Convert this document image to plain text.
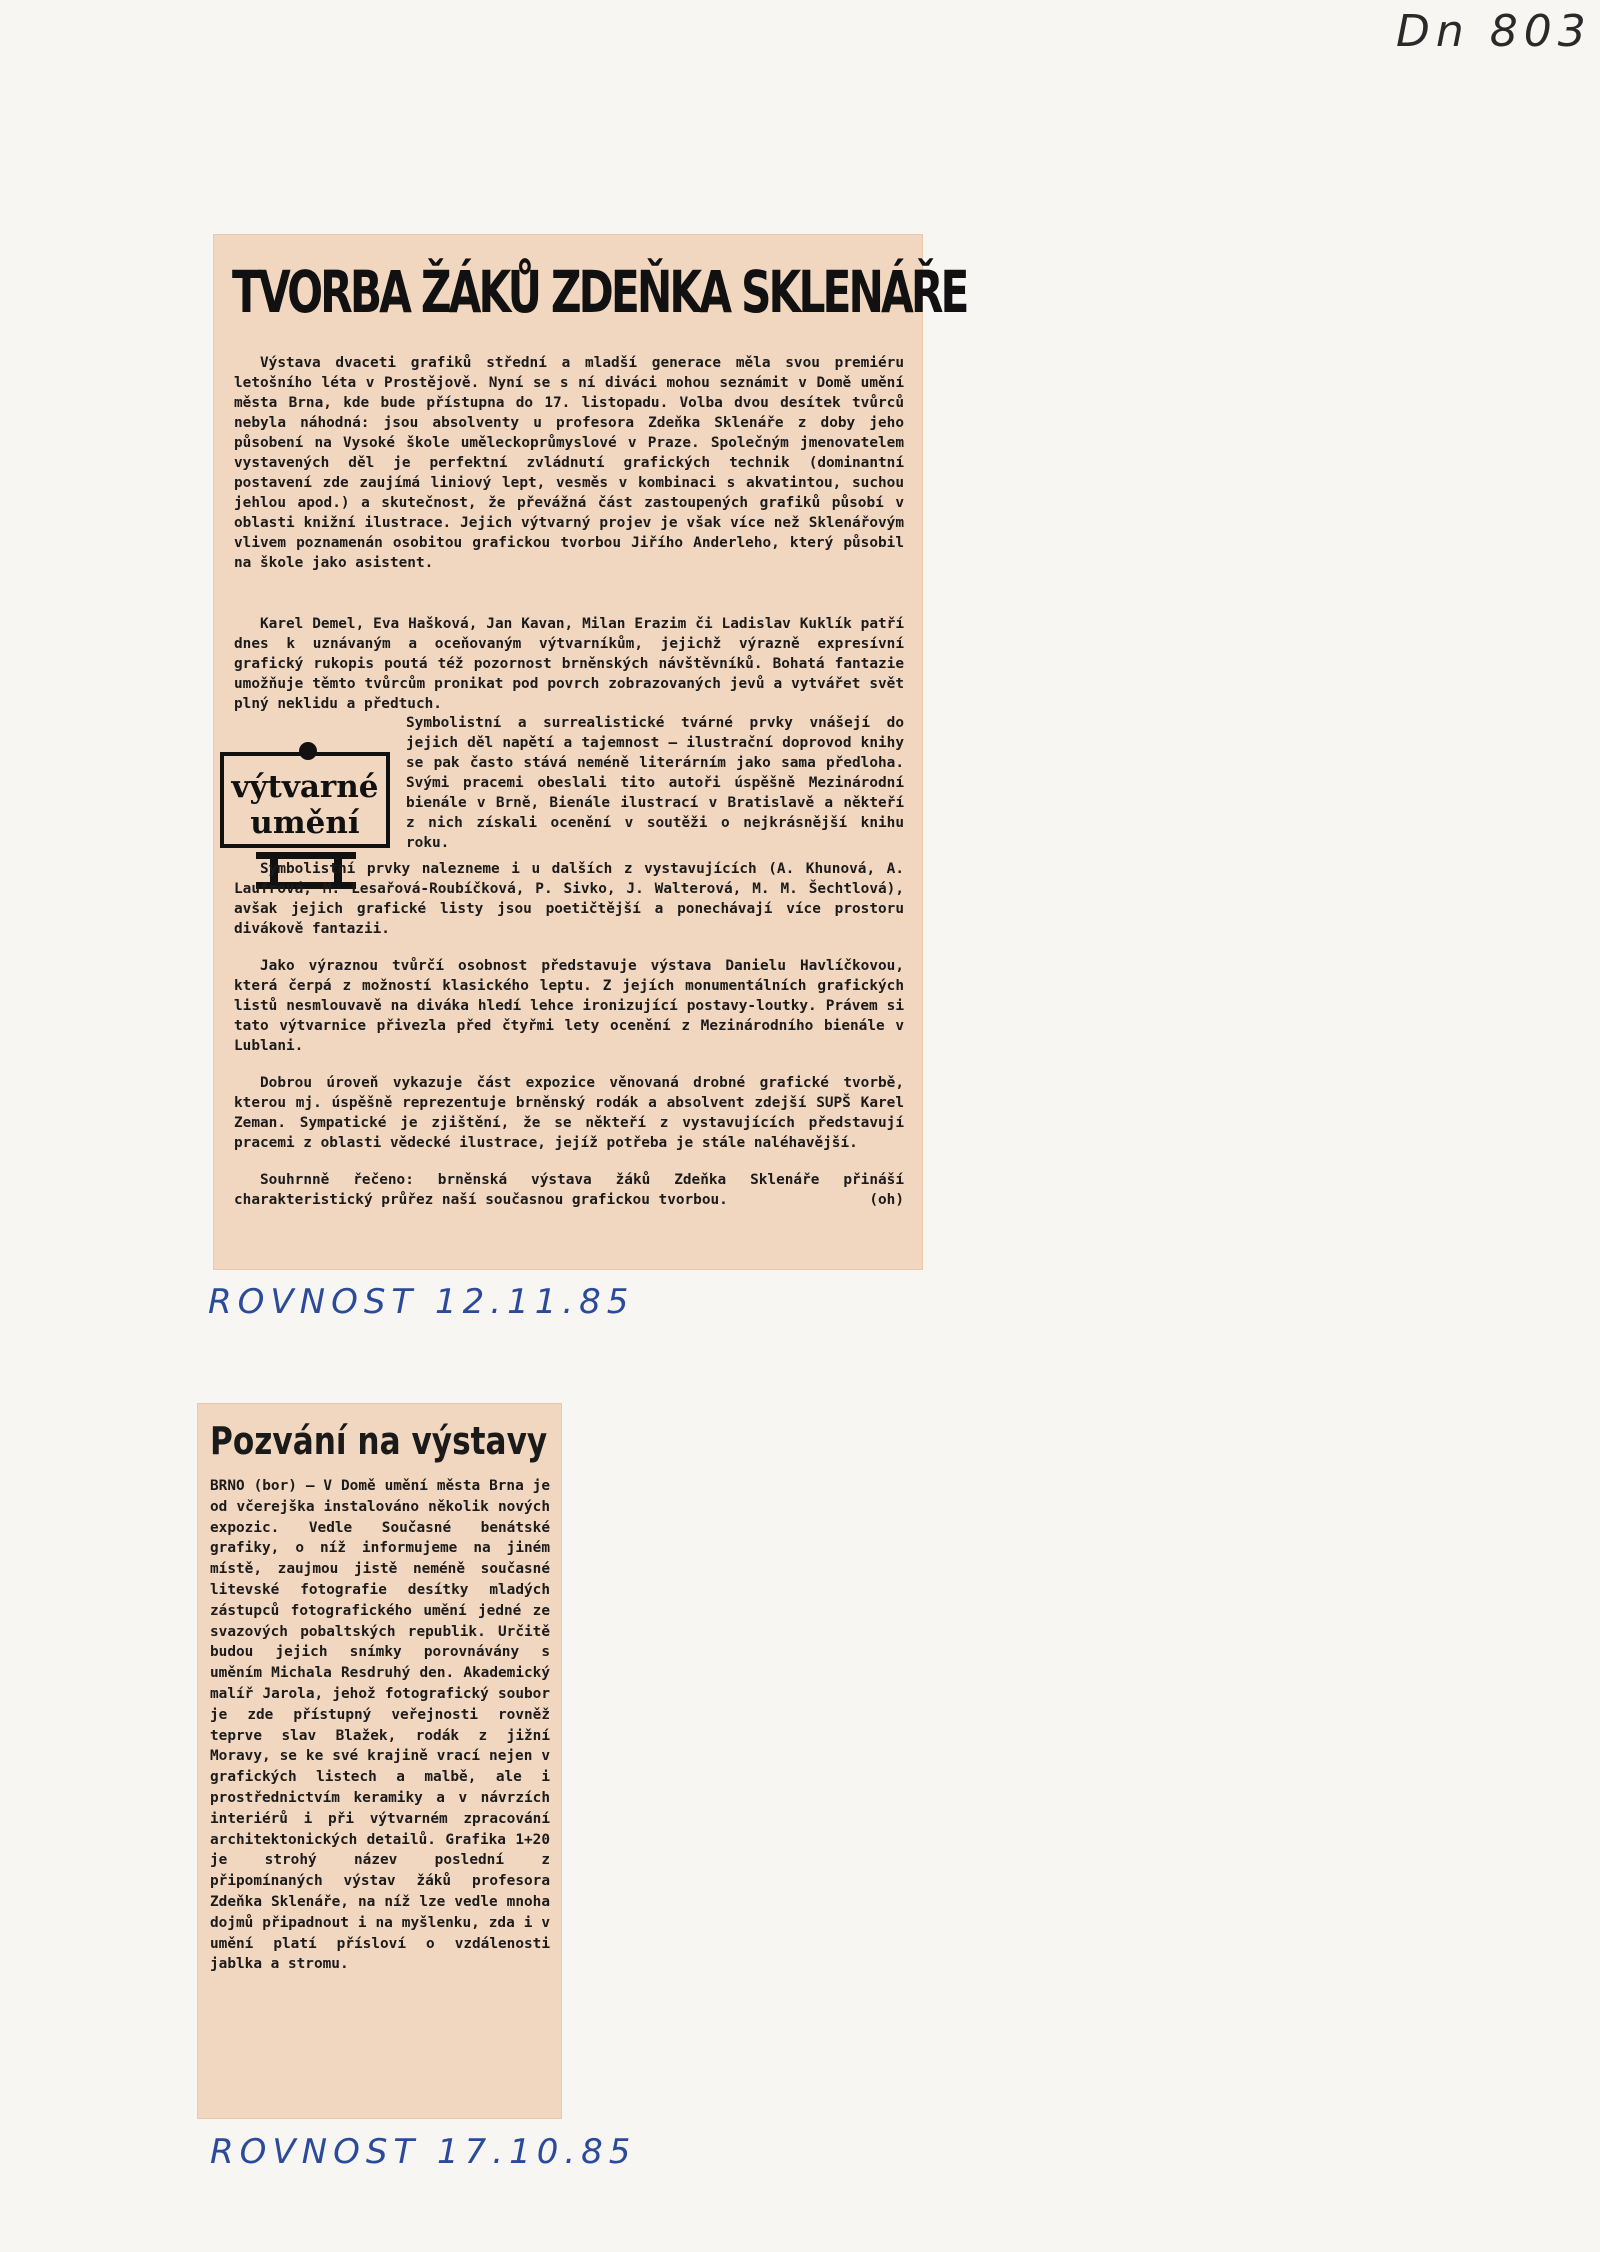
Dn 803
TVORBA ŽÁKŮ ZDEŇKA SKLENÁŘE

Výstava dvaceti grafiků střední a mladší generace měla svou premiéru letošního léta v Prostějově. Nyní se s ní diváci mohou seznámit v Domě umění města Brna, kde bude přístupna do 17. listopadu. Volba dvou desítek tvůrců nebyla náhodná: jsou absolventy u profesora Zdeňka Sklenáře z doby jeho působení na Vysoké škole uměleckoprůmyslové v Praze. Společným jmenovatelem vystavených děl je perfektní zvládnutí grafických technik (dominantní postavení zde zaujímá liniový lept, vesměs v kombinaci s akvatintou, suchou jehlou apod.) a skutečnost, že převážná část zastoupených grafiků působí v oblasti knižní ilustrace. Jejich výtvarný projev je však více než Sklenářovým vlivem poznamenán osobitou grafickou tvorbou Jiřího Anderleho, který působil na škole jako asistent.

Karel Demel, Eva Hašková, Jan Kavan, Milan Erazim či Ladislav Kuklík patří dnes k uznávaným a oceňovaným výtvarníkům, jejichž výrazně expresívní grafický rukopis poutá též pozornost brněnských návštěvníků. Bohatá fantazie umožňuje těmto tvůrcům pronikat pod povrch zobrazovaných jevů a vytvářet svět plný neklidu a předtuch.

výtvarné
umění

Symbolistní a surrealistické tvárné prvky vnášejí do jejich děl napětí a tajemnost — ilustrační doprovod knihy se pak často stává neméně literárním jako sama předloha. Svými pracemi obeslali tito autoři úspěšně Mezinárodní bienále v Brně, Bienále ilustrací v Bratislavě a někteří z nich získali ocenění v soutěži o nejkrásnější knihu roku.

Symbolistní prvky nalezneme i u dalších z vystavujících (A. Khunová, A. Laufrová, M. Lesařová-Roubíčková, P. Sivko, J. Walterová, M. M. Šechtlová), avšak jejich grafické listy jsou poetičtější a ponechávají více prostoru divákově fantazii.

Jako výraznou tvůrčí osobnost představuje výstava Danielu Havlíčkovou, která čerpá z možností klasického leptu. Z jejích monumentálních grafických listů nesmlouvavě na diváka hledí lehce ironizující postavy-loutky. Právem si tato výtvarnice přivezla před čtyřmi lety ocenění z Mezinárodního bienále v Lublani.

Dobrou úroveň vykazuje část expozice věnovaná drobné grafické tvorbě, kterou mj. úspěšně reprezentuje brněnský rodák a absolvent zdejší SUPŠ Karel Zeman. Sympatické je zjištění, že se někteří z vystavujících představují pracemi z oblasti vědecké ilustrace, jejíž potřeba je stále naléhavější.

Souhrnně řečeno: brněnská výstava žáků Zdeňka Sklenáře přináší charakteristický průřez naší současnou grafickou tvorbou.	(oh)

ROVNOST 12.11.85
Pozvání na výstavy

BRNO (bor) — V Domě umění města Brna je od včerejška instalováno několik nových expozic. Vedle Současné benátské grafiky, o níž informujeme na jiném místě, zaujmou jistě neméně současné litevské fotografie desítky mladých zástupců fotografického umění jedné ze svazových pobaltských republik. Určitě budou jejich snímky porovnávány s uměním Michala Resdruhý den. Akademický malíř Jarola, jehož fotografický soubor je zde přístupný veřejnosti rovněž teprve slav Blažek, rodák z jižní Moravy, se ke své krajině vrací nejen v grafických listech a malbě, ale i prostřednictvím keramiky a v návrzích interiérů i při výtvarném zpracování architektonických detailů. Grafika 1+20 je strohý název poslední z připomínaných výstav žáků profesora Zdeňka Sklenáře, na níž lze vedle mnoha dojmů připadnout i na myšlenku, zda i v umění platí přísloví o vzdálenosti jablka a stromu.

ROVNOST 17.10.85
